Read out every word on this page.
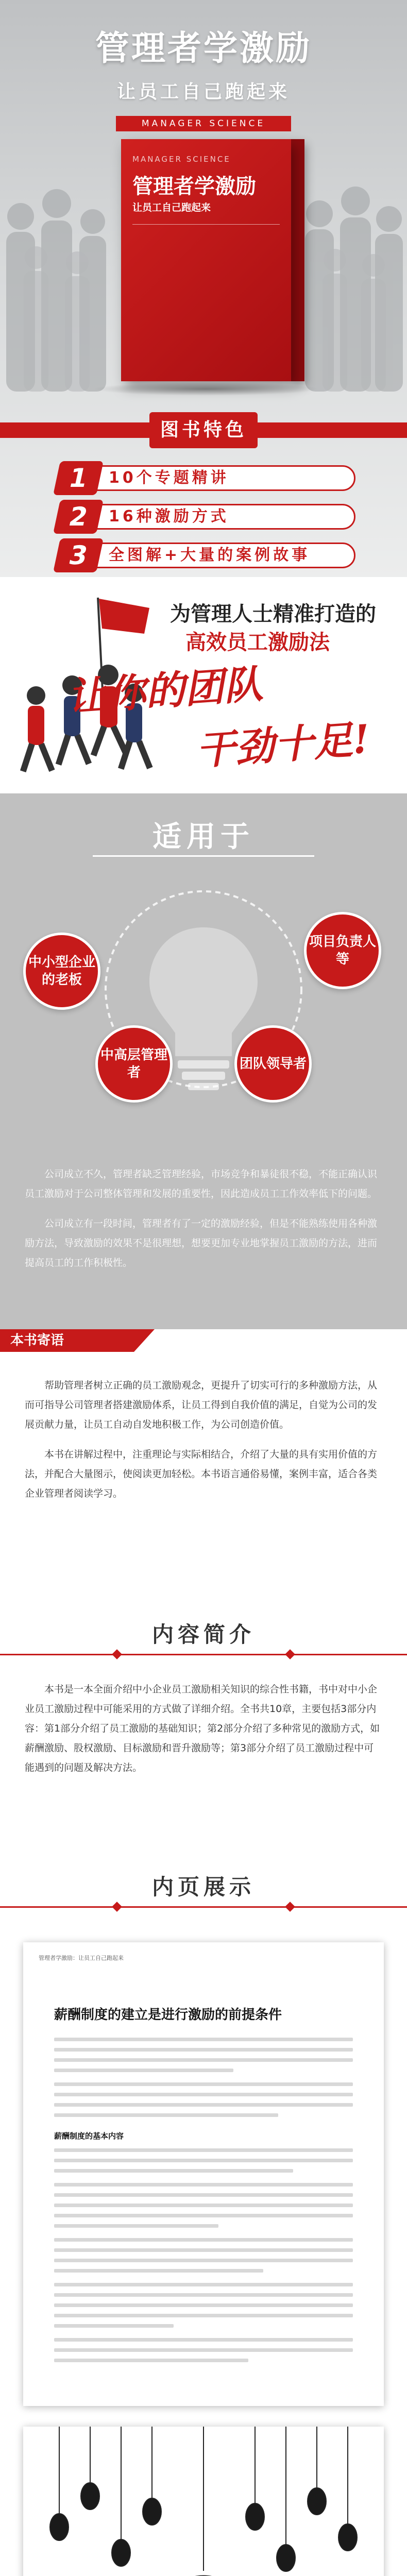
管理者学激励
让员工自己跑起来
MANAGER SCIENCE
MANAGER SCIENCE
管理者学激励
让员工自己跑起来
图书特色
10个专题精讲
1
16种激励方式
2
全图解+大量的案例故事
3
为管理人士精准打造的
高效员工激励法
让你的团队
干劲十足!
适用于
中小型企业的老板
项目负责人等
中高层管理者
团队领导者

公司成立不久，管理者缺乏管理经验，市场竞争和暴徒很不稳，不能正确认识员工激励对于公司整体管理和发展的重要性，因此造成员工工作效率低下的问题。

公司成立有一段时间，管理者有了一定的激励经验，但是不能熟练使用各种激励方法，导致激励的效果不是很理想，想要更加专业地掌握员工激励的方法，进而提高员工的工作积极性。

本书寄语

帮助管理者树立正确的员工激励观念，更提升了切实可行的多种激励方法，从而可指导公司管理者搭建激励体系，让员工得到自我价值的满足，自觉为公司的发展贡献力量，让员工自动自发地积极工作，为公司创造价值。

本书在讲解过程中，注重理论与实际相结合，介绍了大量的具有实用价值的方法，并配合大量图示，使阅读更加轻松。本书语言通俗易懂，案例丰富，适合各类企业管理者阅读学习。

内容简介

本书是一本全面介绍中小企业员工激励相关知识的综合性书籍，书中对中小企业员工激励过程中可能采用的方式做了详细介绍。全书共10章，主要包括3部分内容：第1部分介绍了员工激励的基础知识；第2部分介绍了多种常见的激励方式，如薪酬激励、股权激励、目标激励和晋升激励等；第3部分介绍了员工激励过程中可能遇到的问题及解决方法。

内页展示
管理者学激励：让员工自己跑起来
薪酬制度的建立是进行激励的前提条件
薪酬制度的基本内容
